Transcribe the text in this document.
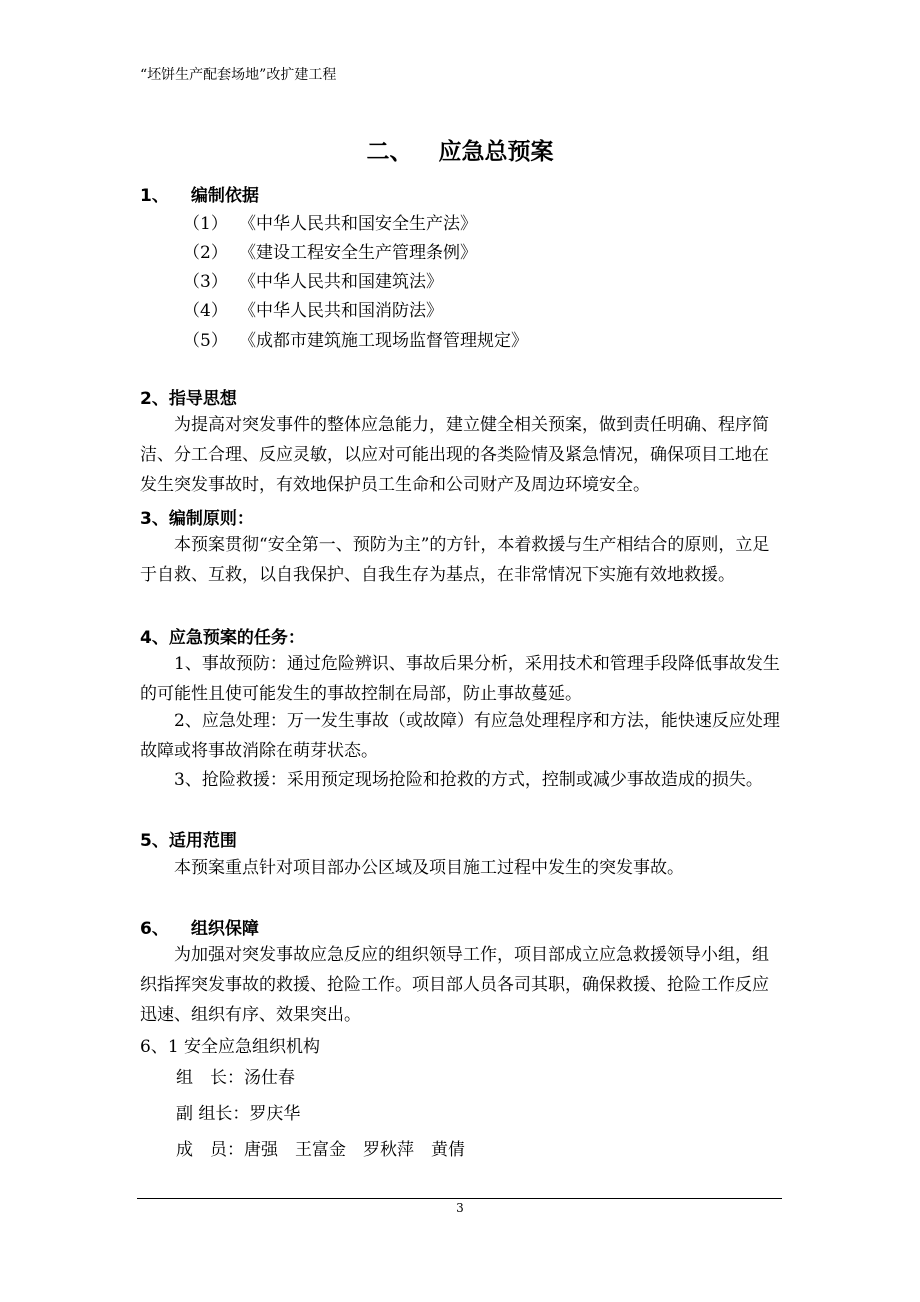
“坯饼生产配套场地”改扩建工程
二、 应急总预案
1、 编制依据
（1） 《中华人民共和国安全生产法》
（2） 《建设工程安全生产管理条例》
（3） 《中华人民共和国建筑法》
（4） 《中华人民共和国消防法》
（5） 《成都市建筑施工现场监督管理规定》
2、指导思想
为提高对突发事件的整体应急能力，建立健全相关预案，做到责任明确、程序简洁、分工合理、反应灵敏，以应对可能出现的各类险情及紧急情况，确保项目工地在发生突发事故时，有效地保护员工生命和公司财产及周边环境安全。
3、编制原则：
本预案贯彻“安全第一、预防为主”的方针，本着救援与生产相结合的原则，立足于自救、互救，以自我保护、自我生存为基点，在非常情况下实施有效地救援。
4、应急预案的任务：
1、事故预防：通过危险辨识、事故后果分析，采用技术和管理手段降低事故发生的可能性且使可能发生的事故控制在局部，防止事故蔓延。
2、应急处理：万一发生事故（或故障）有应急处理程序和方法，能快速反应处理故障或将事故消除在萌芽状态。
3、抢险救援：采用预定现场抢险和抢救的方式，控制或减少事故造成的损失。
5、适用范围
本预案重点针对项目部办公区域及项目施工过程中发生的突发事故。
6、 组织保障
为加强对突发事故应急反应的组织领导工作，项目部成立应急救援领导小组，组织指挥突发事故的救援、抢险工作。项目部人员各司其职，确保救援、抢险工作反应迅速、组织有序、效果突出。
6、1 安全应急组织机构
组　长：汤仕春
副 组长：罗庆华
成　员：唐强　王富金　罗秋萍　黄倩
3
